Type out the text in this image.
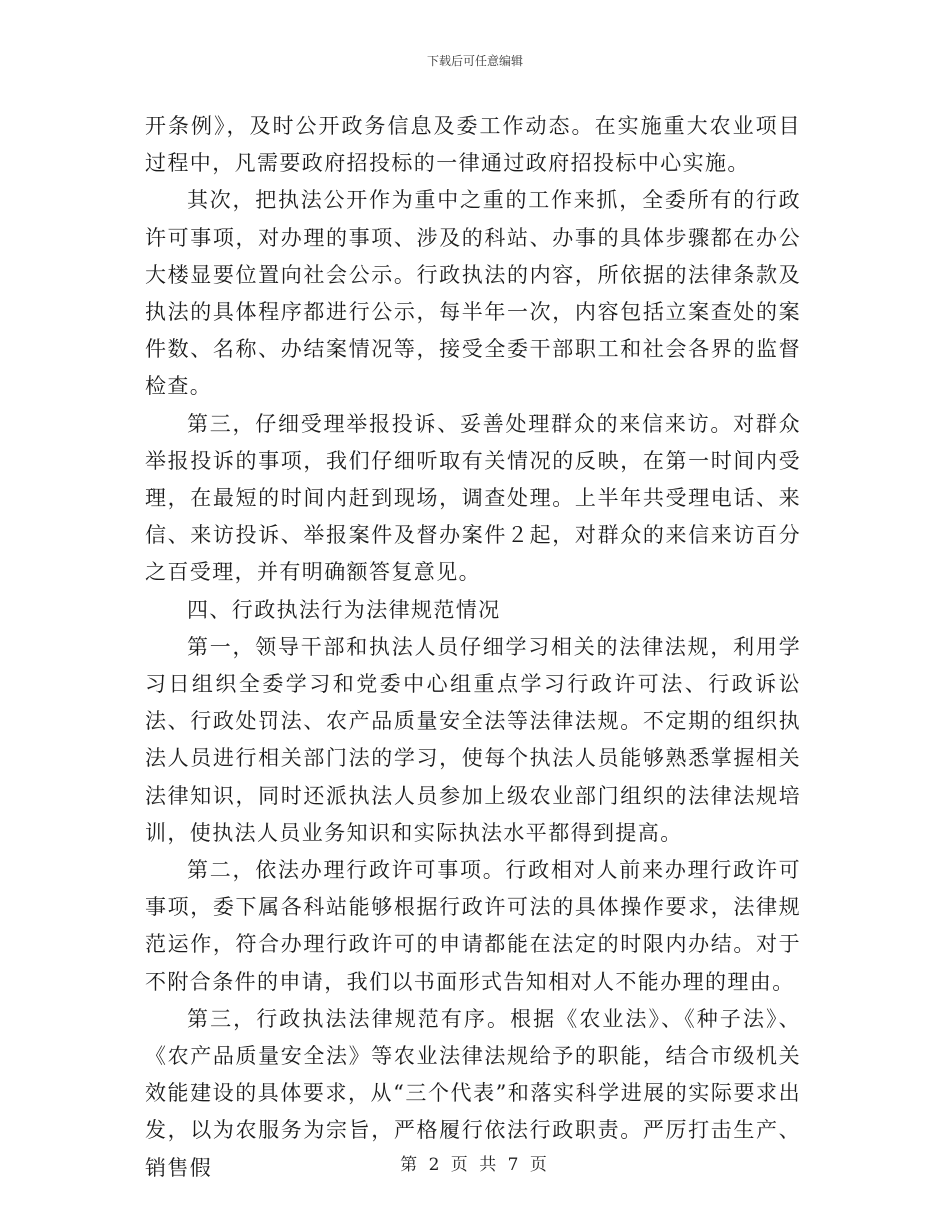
下载后可任意编辑

开条例》，及时公开政务信息及委工作动态。在实施重大农业项目过程中，凡需要政府招投标的一律通过政府招投标中心实施。

其次，把执法公开作为重中之重的工作来抓，全委所有的行政许可事项，对办理的事项、涉及的科站、办事的具体步骤都在办公大楼显要位置向社会公示。行政执法的内容，所依据的法律条款及执法的具体程序都进行公示，每半年一次，内容包括立案查处的案件数、名称、办结案情况等，接受全委干部职工和社会各界的监督检查。

第三，仔细受理举报投诉、妥善处理群众的来信来访。对群众举报投诉的事项，我们仔细听取有关情况的反映，在第一时间内受理，在最短的时间内赶到现场，调查处理。上半年共受理电话、来信、来访投诉、举报案件及督办案件２起，对群众的来信来访百分之百受理，并有明确额答复意见。

四、行政执法行为法律规范情况

第一，领导干部和执法人员仔细学习相关的法律法规，利用学习日组织全委学习和党委中心组重点学习行政许可法、行政诉讼法、行政处罚法、农产品质量安全法等法律法规。不定期的组织执法人员进行相关部门法的学习，使每个执法人员能够熟悉掌握相关法律知识，同时还派执法人员参加上级农业部门组织的法律法规培训，使执法人员业务知识和实际执法水平都得到提高。

第二，依法办理行政许可事项。行政相对人前来办理行政许可事项，委下属各科站能够根据行政许可法的具体操作要求，法律规范运作，符合办理行政许可的申请都能在法定的时限内办结。对于不附合条件的申请，我们以书面形式告知相对人不能办理的理由。

第三，行政执法法律规范有序。根据《农业法》、《种子法》、《农产品质量安全法》等农业法律法规给予的职能，结合市级机关效能建设的具体要求，从“三个代表”和落实科学进展的实际要求出发，以为农服务为宗旨，严格履行依法行政职责。严厉打击生产、销售假	第 2 页 共 7 页
